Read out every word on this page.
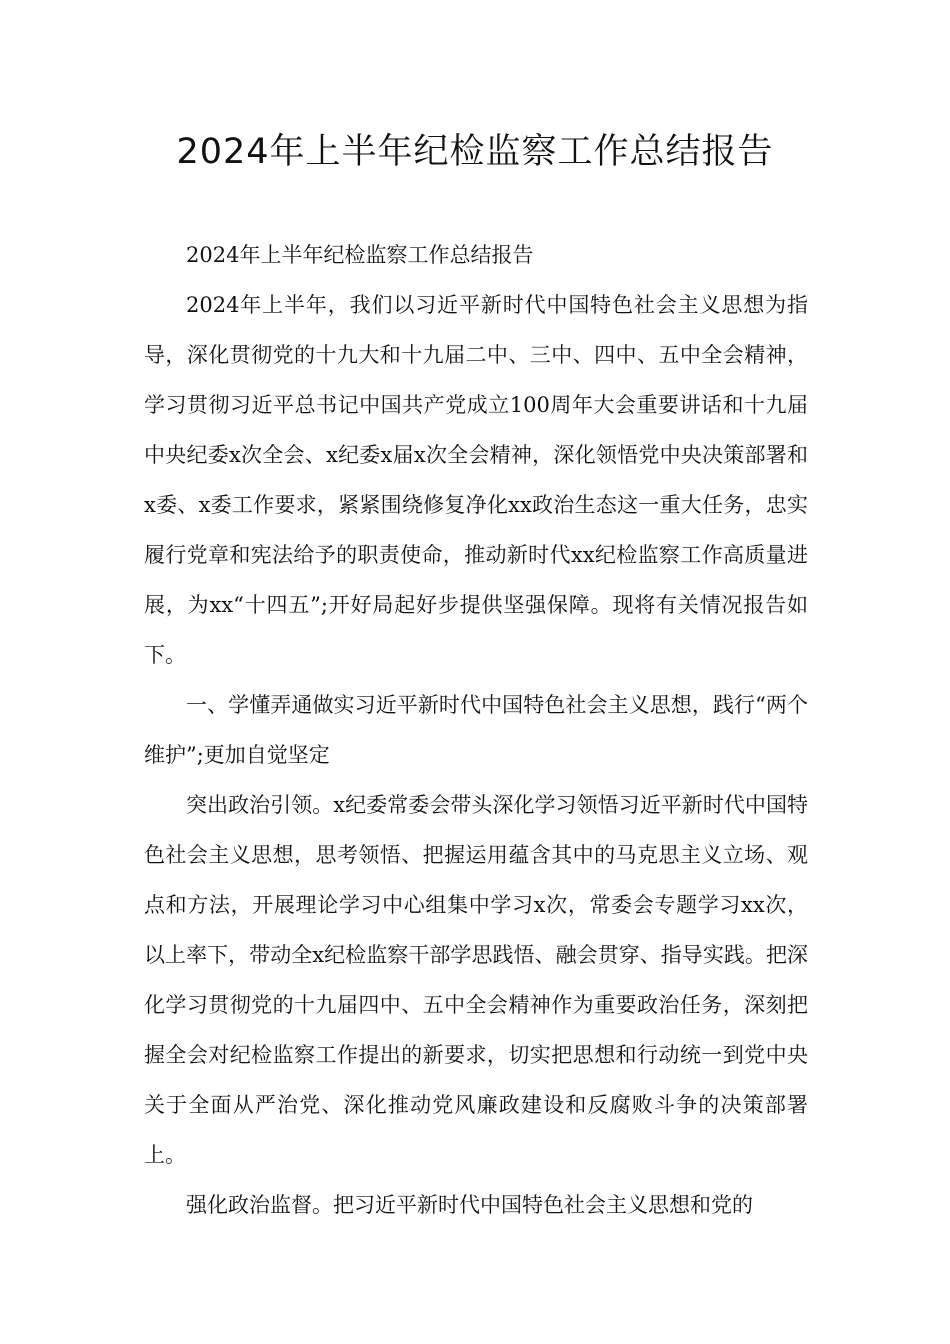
2024年上半年纪检监察工作总结报告

2024年上半年纪检监察工作总结报告

2024年上半年，我们以习近平新时代中国特色社会主义思想为指导，深化贯彻党的十九大和十九届二中、三中、四中、五中全会精神，学习贯彻习近平总书记中国共产党成立100周年大会重要讲话和十九届中央纪委x次全会、x纪委x届x次全会精神，深化领悟党中央决策部署和x委、x委工作要求，紧紧围绕修复净化xx政治生态这一重大任务，忠实履行党章和宪法给予的职责使命，推动新时代xx纪检监察工作高质量进展，为xx“十四五”;开好局起好步提供坚强保障。现将有关情况报告如下。

一、学懂弄通做实习近平新时代中国特色社会主义思想，践行“两个维护”;更加自觉坚定

突出政治引领。x纪委常委会带头深化学习领悟习近平新时代中国特色社会主义思想，思考领悟、把握运用蕴含其中的马克思主义立场、观点和方法，开展理论学习中心组集中学习x次，常委会专题学习xx次，以上率下，带动全x纪检监察干部学思践悟、融会贯穿、指导实践。把深化学习贯彻党的十九届四中、五中全会精神作为重要政治任务，深刻把握全会对纪检监察工作提出的新要求，切实把思想和行动统一到党中央关于全面从严治党、深化推动党风廉政建设和反腐败斗争的决策部署上。

强化政治监督。把习近平新时代中国特色社会主义思想和党的
